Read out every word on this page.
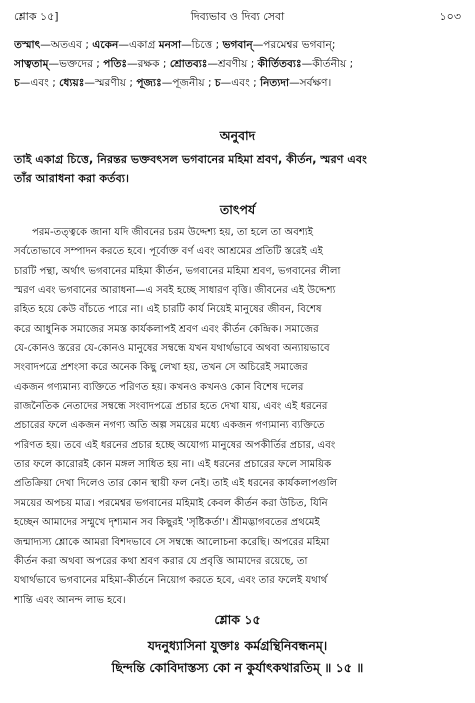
শ্লোক ১৫]	দিব্যভাব ও দিব্য সেবা	১০৩
তস্মাৎ—অতএব ; একেন—একাগ্র মনসা—চিত্তে ; ভগবান্—পরমেশ্বর ভগবান্;
সাত্বতাম্—ভক্তদের ; পতিঃ—রক্ষক ; শ্রোতব্যঃ—শ্রবণীয় ; কীর্তিতব্যঃ—কীর্তনীয় ;
চ—এবং ; ধ্যেয়ঃ—স্মরণীয় ; পূজ্যঃ—পূজনীয় ; চ—এবং ; নিত্যদা—সর্বক্ষণ।
অনুবাদ
তাই একাগ্র চিত্তে, নিরন্তর ভক্তবৎসল ভগবানের মহিমা শ্রবণ, কীর্তন, স্মরণ এবং
তাঁর আরাধনা করা কর্তব্য।
তাৎপর্য
পরম-তত্ত্বকে জানা যদি জীবনের চরম উদ্দেশ্য হয়, তা হলে তা অবশ্যই
সর্বতোভাবে সম্পাদন করতে হবে। পূর্বোক্ত বর্ণ এবং আশ্রমের প্রতিটি স্তরেই এই
চারটি পন্থা, অর্থাৎ ভগবানের মহিমা কীর্তন, ভগবানের মহিমা শ্রবণ, ভগবানের লীলা
স্মরণ এবং ভগবানের আরাধনা—এ সবই হচ্ছে সাধারণ বৃত্তি। জীবনের এই উদ্দেশ্য
রহিত হয়ে কেউ বাঁচতে পারে না। এই চারটি কার্য নিয়েই মানুষের জীবন, বিশেষ
করে আধুনিক সমাজের সমস্ত কার্যকলাপই শ্রবণ এবং কীর্তন কেন্দ্রিক। সমাজের
যে-কোনও স্তরের যে-কোনও মানুষের সম্বন্ধে যখন যথার্থভাবে অথবা অন্যায়ভাবে
সংবাদপত্রে প্রশংসা করে অনেক কিছু লেখা হয়, তখন সে অচিরেই সমাজের
একজন গণ্যমান্য ব্যক্তিতে পরিণত হয়। কখনও কখনও কোন বিশেষ দলের
রাজনৈতিক নেতাদের সম্বন্ধে সংবাদপত্রে প্রচার হতে দেখা যায়, এবং এই ধরনের
প্রচারের ফলে একজন নগণ্য অতি অল্প সময়ের মধ্যে একজন গণ্যমান্য ব্যক্তিতে
পরিণত হয়। তবে এই ধরনের প্রচার হচ্ছে অযোগ্য মানুষের অপকীর্তির প্রচার, এবং
তার ফলে কারোরই কোন মঙ্গল সাধিত হয় না। এই ধরনের প্রচারের ফলে সাময়িক
প্রতিক্রিয়া দেখা দিলেও তার কোন স্থায়ী ফল নেই। তাই এই ধরনের কার্যকলাপগুলি
সময়ের অপচয় মাত্র। পরমেশ্বর ভগবানের মহিমাই কেবল কীর্তন করা উচিত, যিনি
হচ্ছেন আমাদের সম্মুখে দৃশ্যমান সব কিছুরই 'সৃষ্টিকর্তা'। শ্রীমদ্ভাগবতের প্রথমেই
জন্মাদ্যস্য শ্লোকে আমরা বিশদভাবে সে সম্বন্ধে আলোচনা করেছি। অপরের মহিমা
কীর্তন করা অথবা অপরের কথা শ্রবণ করার যে প্রবৃত্তি আমাদের রয়েছে, তা
যথার্থভাবে ভগবানের মহিমা-কীর্তনে নিয়োগ করতে হবে, এবং তার ফলেই যথার্থ
শান্তি এবং আনন্দ লাভ হবে।
শ্লোক ১৫
যদনুধ্যাসিনা যুক্তাঃ কর্মগ্রন্থিনিবন্ধনম্।
ছিন্দন্তি কোবিদাস্তস্য কো ন কুর্যাৎকথারতিম্ ॥ ১৫ ॥
